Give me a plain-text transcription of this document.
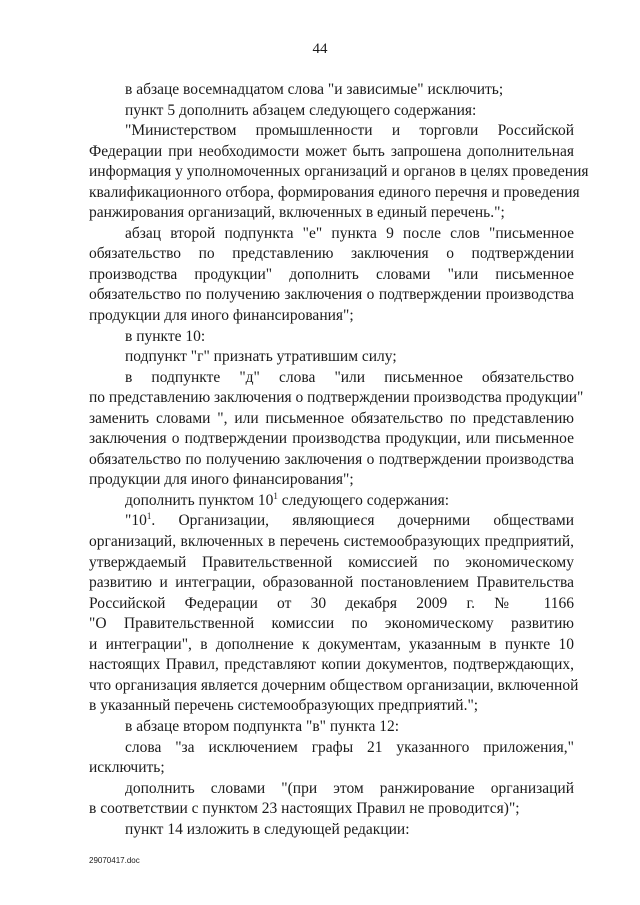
44

в абзаце восемнадцатом слова "и зависимые" исключить;

пункт 5 дополнить абзацем следующего содержания:

"Министерством промышленности и торговли Российской
Федерации при необходимости может быть запрошена дополнительная
информация у уполномоченных организаций и органов в целях проведения
квалификационного отбора, формирования единого перечня и проведения
ранжирования организаций, включенных в единый перечень.";

абзац второй подпункта "е" пункта 9 после слов "письменное
обязательство по представлению заключения о подтверждении
производства продукции" дополнить словами "или письменное
обязательство по получению заключения о подтверждении производства
продукции для иного финансирования";

в пункте 10:

подпункт "г" признать утратившим силу;

в подпункте "д" слова "или письменное обязательство
по представлению заключения о подтверждении производства продукции"
заменить словами ", или письменное обязательство по представлению
заключения о подтверждении производства продукции, или письменное
обязательство по получению заключения о подтверждении производства
продукции для иного финансирования";

дополнить пунктом $10^1$ следующего содержания:

"$10^1$. Организации, являющиеся дочерними обществами
организаций, включенных в перечень системообразующих предприятий,
утверждаемый Правительственной комиссией по экономическому
развитию и интеграции, образованной постановлением Правительства
Российской Федерации от 30 декабря 2009 г. № 1166
"О Правительственной комиссии по экономическому развитию
и интеграции", в дополнение к документам, указанным в пункте 10
настоящих Правил, представляют копии документов, подтверждающих,
что организация является дочерним обществом организации, включенной
в указанный перечень системообразующих предприятий.";

в абзаце втором подпункта "в" пункта 12:

слова "за исключением графы 21 указанного приложения,"
исключить;

дополнить словами "(при этом ранжирование организаций
в соответствии с пунктом 23 настоящих Правил не проводится)";

пункт 14 изложить в следующей редакции:

29070417.doc
